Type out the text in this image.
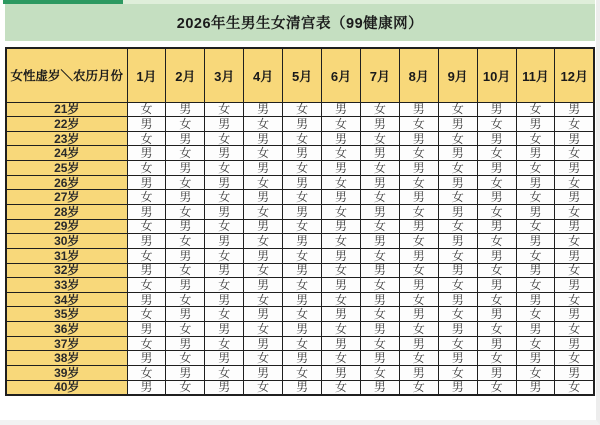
2026年生男生女清宫表（99健康网）
女性虚岁＼农历月份	1月	2月	3月	4月	5月	6月	7月	8月	9月	10月	11月	12月
21岁	女	男	女	男	女	男	女	男	女	男	女	男
22岁	男	女	男	女	男	女	男	女	男	女	男	女
23岁	女	男	女	男	女	男	女	男	女	男	女	男
24岁	男	女	男	女	男	女	男	女	男	女	男	女
25岁	女	男	女	男	女	男	女	男	女	男	女	男
26岁	男	女	男	女	男	女	男	女	男	女	男	女
27岁	女	男	女	男	女	男	女	男	女	男	女	男
28岁	男	女	男	女	男	女	男	女	男	女	男	女
29岁	女	男	女	男	女	男	女	男	女	男	女	男
30岁	男	女	男	女	男	女	男	女	男	女	男	女
31岁	女	男	女	男	女	男	女	男	女	男	女	男
32岁	男	女	男	女	男	女	男	女	男	女	男	女
33岁	女	男	女	男	女	男	女	男	女	男	女	男
34岁	男	女	男	女	男	女	男	女	男	女	男	女
35岁	女	男	女	男	女	男	女	男	女	男	女	男
36岁	男	女	男	女	男	女	男	女	男	女	男	女
37岁	女	男	女	男	女	男	女	男	女	男	女	男
38岁	男	女	男	女	男	女	男	女	男	女	男	女
39岁	女	男	女	男	女	男	女	男	女	男	女	男
40岁	男	女	男	女	男	女	男	女	男	女	男	女
